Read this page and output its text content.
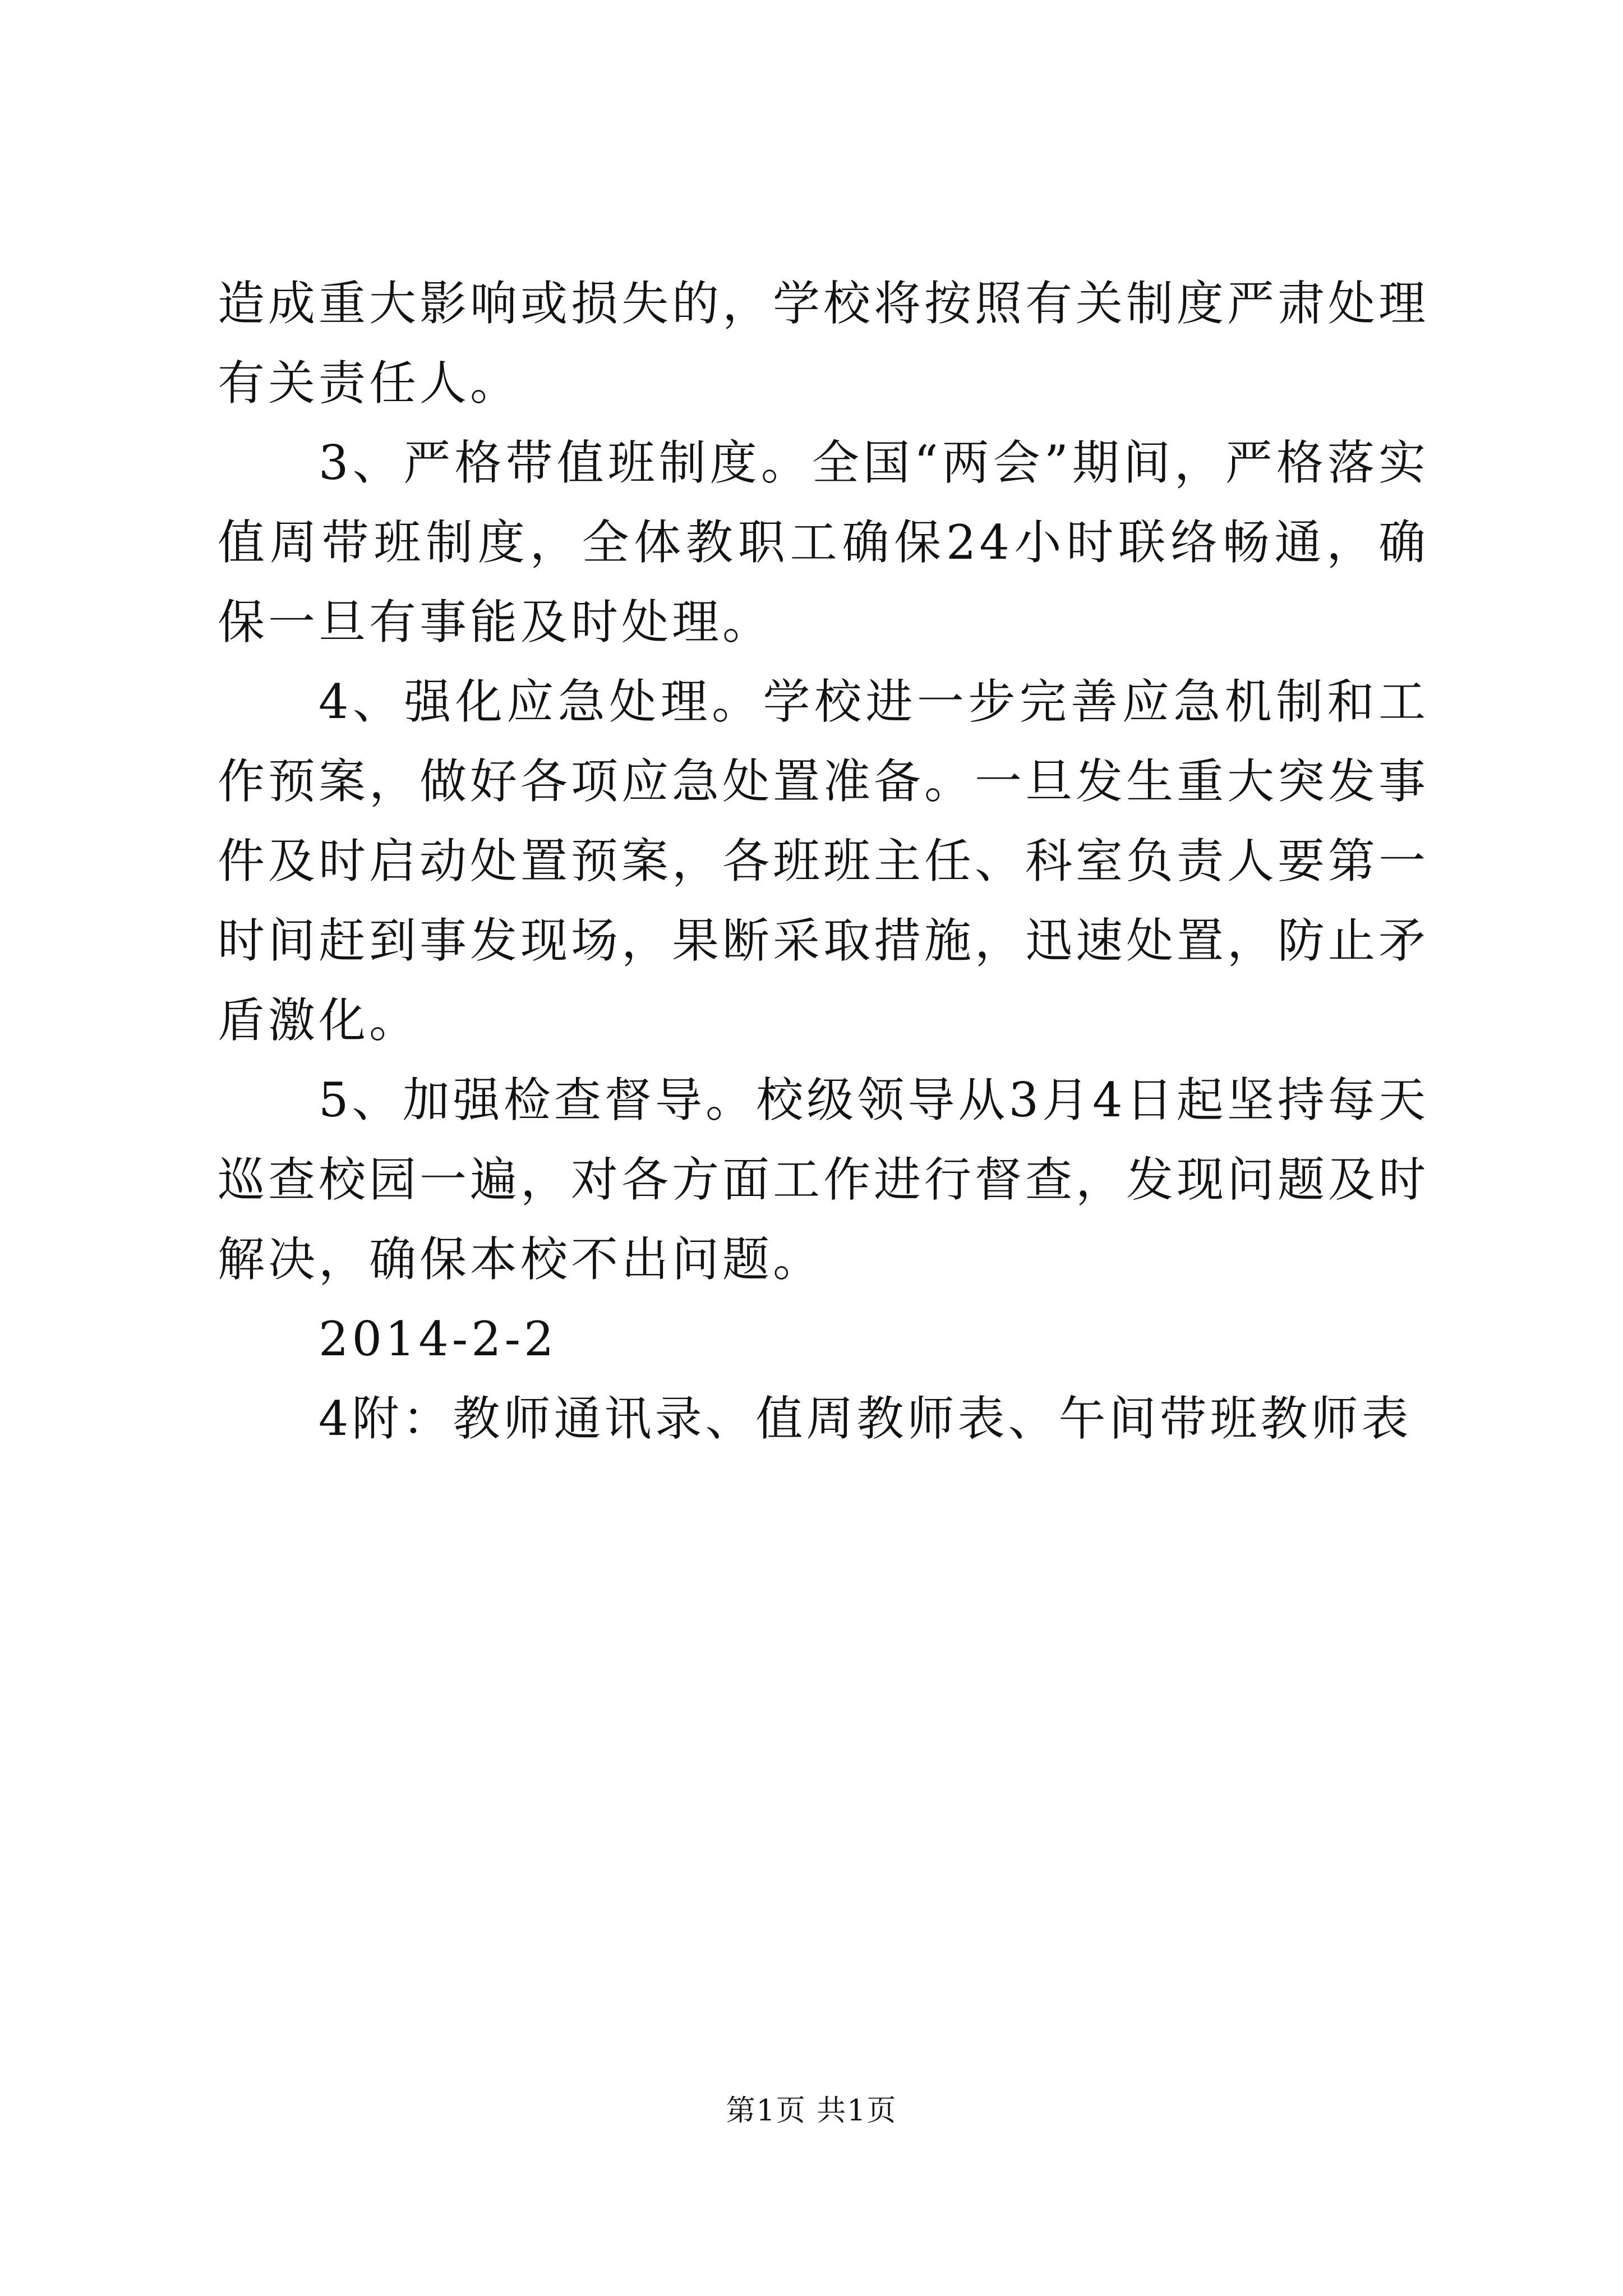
造成重大影响或损失的，学校将按照有关制度严肃处理有关责任人。

3、严格带值班制度。全国“两会”期间，严格落实值周带班制度，全体教职工确保24小时联络畅通，确保一旦有事能及时处理。

4、强化应急处理。学校进一步完善应急机制和工作预案，做好各项应急处置准备。一旦发生重大突发事件及时启动处置预案，各班班主任、科室负责人要第一时间赶到事发现场，果断采取措施，迅速处置，防止矛盾激化。

5、加强检查督导。校级领导从3月4日起坚持每天巡查校园一遍，对各方面工作进行督查，发现问题及时解决，确保本校不出问题。

2014-2-2

4附：教师通讯录、值周教师表、午间带班教师表

第1页 共1页
